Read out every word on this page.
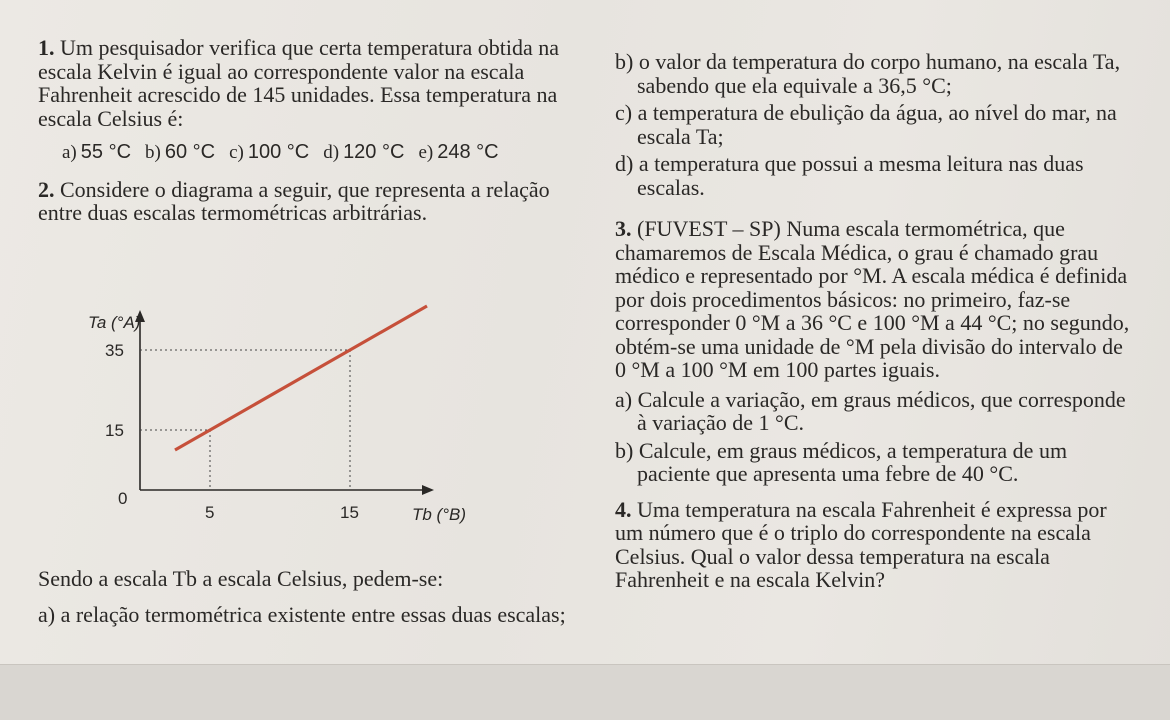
1. Um pesquisador verifica que certa temperatura obtida na escala Kelvin é igual ao correspondente valor na escala Fahrenheit acrescido de 145 unidades. Essa temperatura na escala Celsius é:

a) 55 °C b) 60 °C c) 100 °C d) 120 °C e) 248 °C

2. Considere o diagrama a seguir, que representa a relação entre duas escalas termométricas arbitrárias.

0
5	15
15
35
Ta (°A)
Tb (°B)

Sendo a escala Tb a escala Celsius, pedem-se:

a) a relação termométrica existente entre essas duas escalas;

b) o valor da temperatura do corpo humano, na escala Ta, sabendo que ela equivale a 36,5 °C;

c) a temperatura de ebulição da água, ao nível do mar, na escala Ta;

d) a temperatura que possui a mesma leitura nas duas escalas.

3. (FUVEST – SP) Numa escala termométrica, que chamaremos de Escala Médica, o grau é chamado grau médico e representado por °M. A escala médica é definida por dois procedimentos básicos: no primeiro, faz-se corresponder 0 °M a 36 °C e 100 °M a 44 °C; no segundo, obtém-se uma unidade de °M pela divisão do intervalo de 0 °M a 100 °M em 100 partes iguais.

a) Calcule a variação, em graus médicos, que corresponde à variação de 1 °C.

b) Calcule, em graus médicos, a temperatura de um paciente que apresenta uma febre de 40 °C.

4. Uma temperatura na escala Fahrenheit é expressa por um número que é o triplo do correspondente na escala Celsius. Qual o valor dessa temperatura na escala Fahrenheit e na escala Kelvin?
